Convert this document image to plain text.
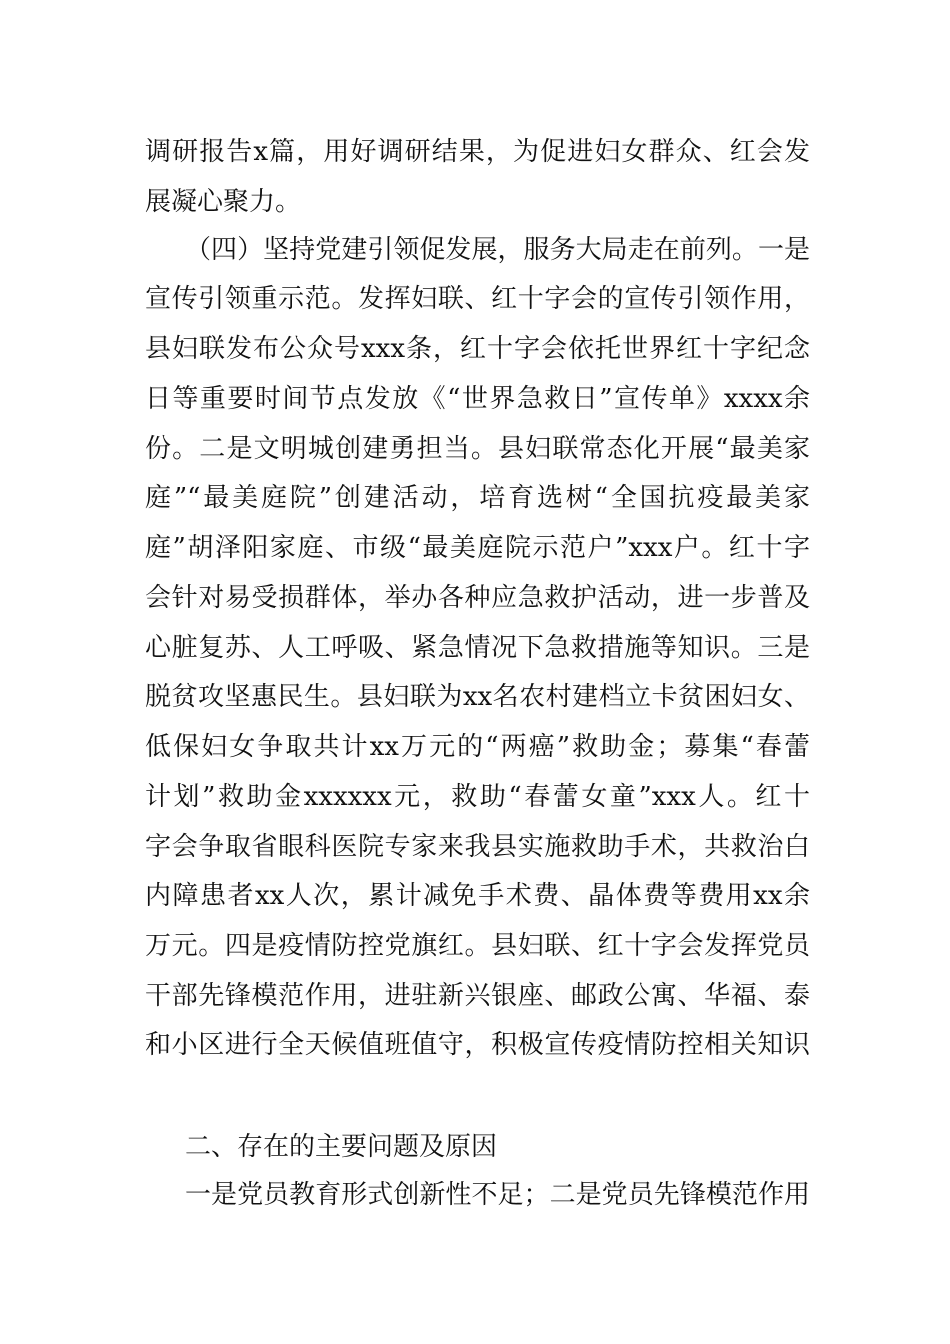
调研报告x篇，用好调研结果，为促进妇女群众、红会发
展凝心聚力。
（四）坚持党建引领促发展，服务大局走在前列。一是
宣传引领重示范。发挥妇联、红十字会的宣传引领作用，
县妇联发布公众号xxx条，红十字会依托世界红十字纪念
日等重要时间节点发放《“世界急救日”宣传单》xxxx余
份。二是文明城创建勇担当。县妇联常态化开展“最美家
庭”“最美庭院”创建活动，培育选树“全国抗疫最美家
庭”胡泽阳家庭、市级“最美庭院示范户”xxx户。红十字
会针对易受损群体，举办各种应急救护活动，进一步普及
心脏复苏、人工呼吸、紧急情况下急救措施等知识。三是
脱贫攻坚惠民生。县妇联为xx名农村建档立卡贫困妇女、
低保妇女争取共计xx万元的“两癌”救助金；募集“春蕾
计划”救助金xxxxxx元，救助“春蕾女童”xxx人。红十
字会争取省眼科医院专家来我县实施救助手术，共救治白
内障患者xx人次，累计减免手术费、晶体费等费用xx余
万元。四是疫情防控党旗红。县妇联、红十字会发挥党员
干部先锋模范作用，进驻新兴银座、邮政公寓、华福、泰
和小区进行全天候值班值守，积极宣传疫情防控相关知识
二、存在的主要问题及原因
一是党员教育形式创新性不足；二是党员先锋模范作用
